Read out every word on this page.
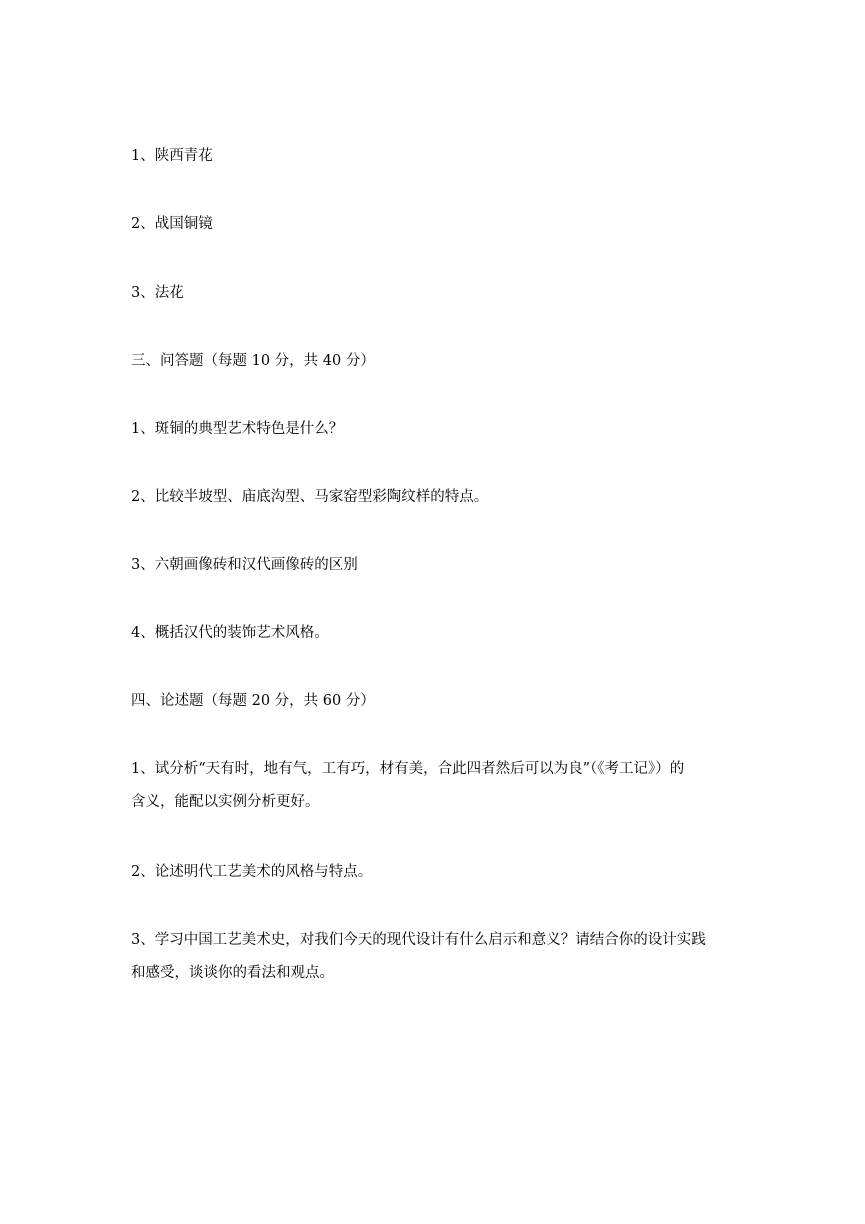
1、陕西青花
2、战国铜镜
3、法花
三、问答题（每题 10 分，共 40 分）
1、斑铜的典型艺术特色是什么？
2、比较半坡型、庙底沟型、马家窑型彩陶纹样的特点。
3、六朝画像砖和汉代画像砖的区别
4、概括汉代的装饰艺术风格。
四、论述题（每题 20 分，共 60 分）

1、试分析“天有时，地有气，工有巧，材有美，合此四者然后可以为良”（《考工记》）的

含义，能配以实例分析更好。

2、论述明代工艺美术的风格与特点。

3、学习中国工艺美术史，对我们今天的现代设计有什么启示和意义？请结合你的设计实践

和感受，谈谈你的看法和观点。
